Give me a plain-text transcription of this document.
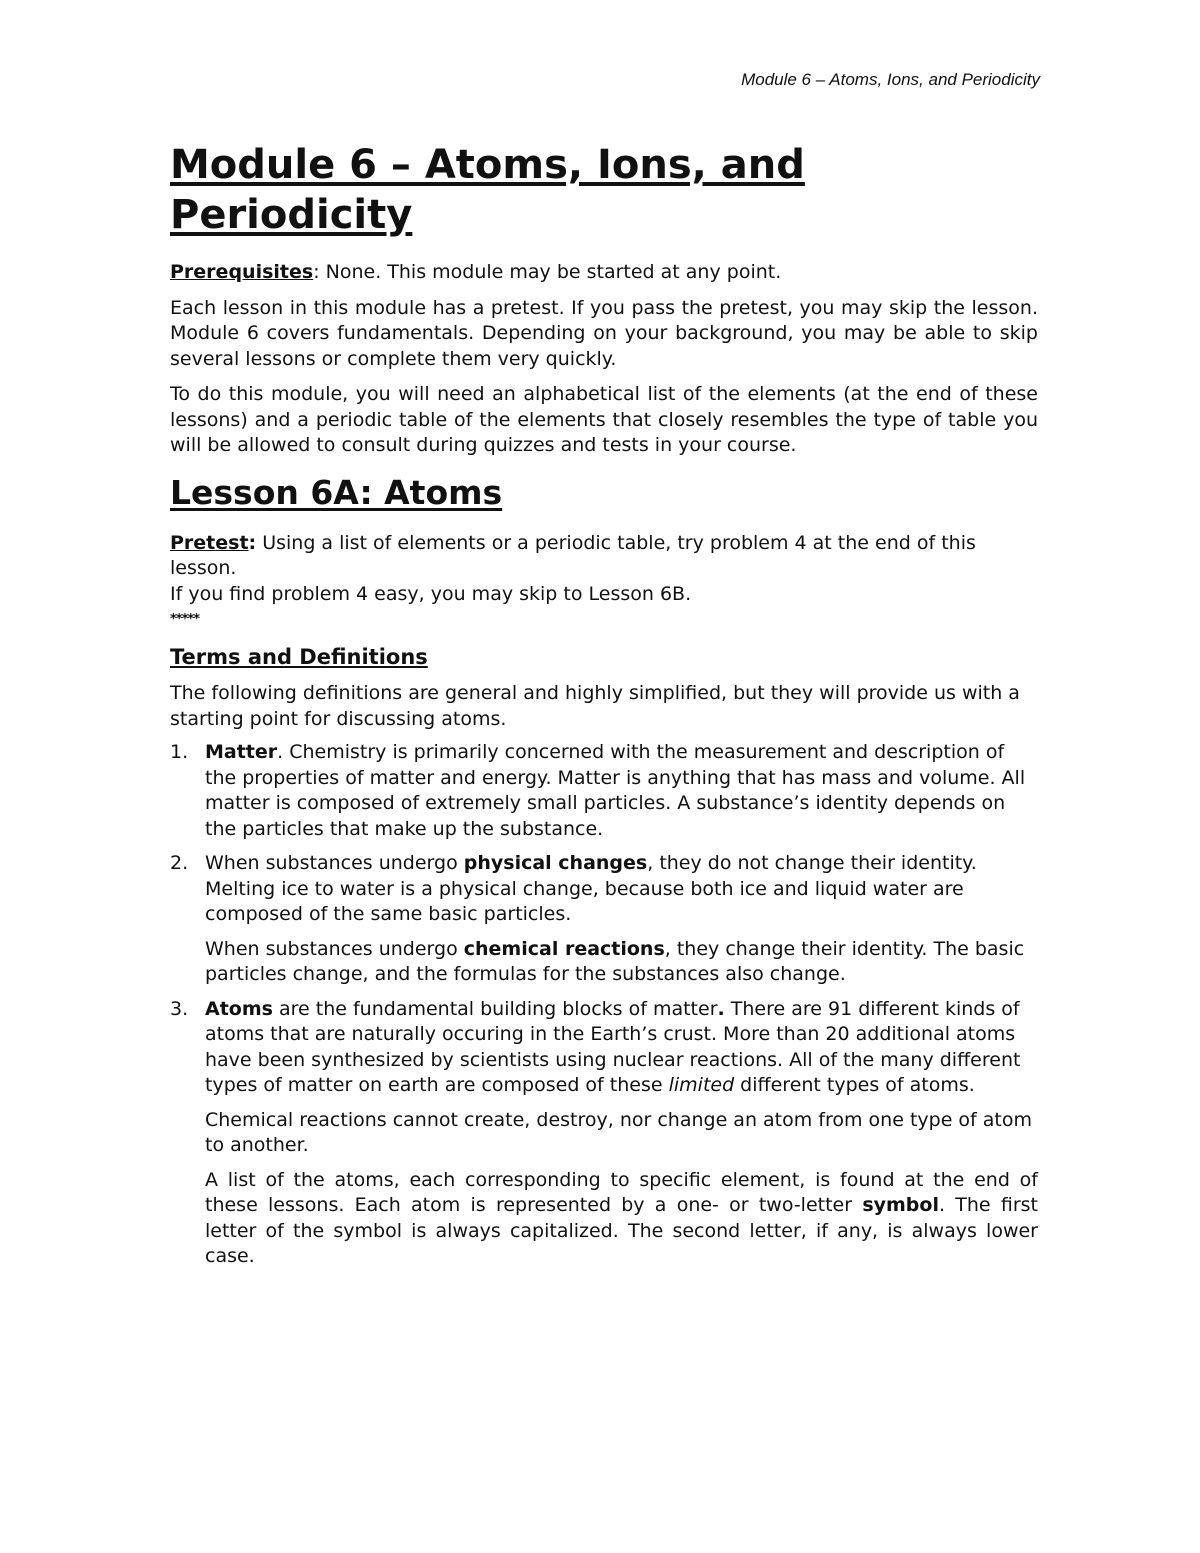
Module 6 – Atoms, Ions, and Periodicity
Module 6 – Atoms, Ions, and Periodicity

Prerequisites: None. This module may be started at any point.

Each lesson in this module has a pretest. If you pass the pretest, you may skip the lesson. Module 6 covers fundamentals. Depending on your background, you may be able to skip several lessons or complete them very quickly.

To do this module, you will need an alphabetical list of the elements (at the end of these lessons) and a periodic table of the elements that closely resembles the type of table you will be allowed to consult during quizzes and tests in your course.

Lesson 6A: Atoms

Pretest: Using a list of elements or a periodic table, try problem 4 at the end of this lesson.

If you find problem 4 easy, you may skip to Lesson 6B.

*****

Terms and Definitions

The following definitions are general and highly simplified, but they will provide us with a starting point for discussing atoms.

1. Matter. Chemistry is primarily concerned with the measurement and description of the properties of matter and energy. Matter is anything that has mass and volume. All matter is composed of extremely small particles. A substance’s identity depends on the particles that make up the substance.

2. When substances undergo physical changes, they do not change their identity. Melting ice to water is a physical change, because both ice and liquid water are composed of the same basic particles.

When substances undergo chemical reactions, they change their identity. The basic particles change, and the formulas for the substances also change.

3. Atoms are the fundamental building blocks of matter. There are 91 different kinds of atoms that are naturally occuring in the Earth’s crust. More than 20 additional atoms have been synthesized by scientists using nuclear reactions. All of the many different types of matter on earth are composed of these limited different types of atoms.

Chemical reactions cannot create, destroy, nor change an atom from one type of atom to another.

A list of the atoms, each corresponding to specific element, is found at the end of these lessons. Each atom is represented by a one- or two-letter symbol. The first letter of the symbol is always capitalized. The second letter, if any, is always lower case.
